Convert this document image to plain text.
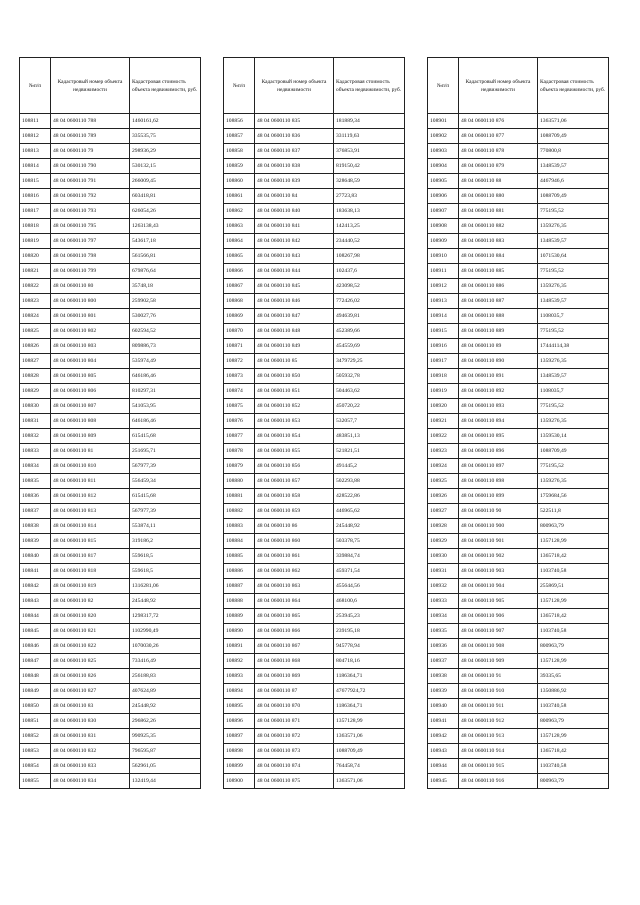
№п/п	Кадастровый номер объекта недвижимости	Кадастровая стоимость объекта недвижимости, руб.
108811	48 04 0600110 788	1460161,62
108812	48 04 0600110 789	335535,75
108813	48 04 0600110 79	298936,29
108814	48 04 0600110 790	530132,15
108815	48 04 0600110 791	266009,45
108816	48 04 0600110 792	603418,81
108817	48 04 0600110 793	626054,26
108818	48 04 0600110 795	1263138,43
108819	48 04 0600110 797	543617,18
108820	48 04 0600110 798	561566,81
108821	48 04 0600110 799	679876,64
108822	48 04 0600110 80	35748,18
108823	48 04 0600110 800	259902,58
108824	48 04 0600110 801	530027,76
108825	48 04 0600110 802	602594,52
108826	48 04 0600110 803	809886,73
108827	48 04 0600110 804	535974,49
108828	48 04 0600110 805	646186,46
108829	48 04 0600110 806	810297,31
108830	48 04 0600110 807	541053,95
108831	48 04 0600110 808	646186,46
108832	48 04 0600110 809	615415,68
108833	48 04 0600110 81	251695,71
108834	48 04 0600110 810	567977,39
108835	48 04 0600110 811	556459,34
108836	48 04 0600110 812	615415,68
108837	48 04 0600110 813	567977,39
108838	48 04 0600110 814	553874,11
108839	48 04 0600110 815	319186,2
108840	48 04 0600110 817	559618,5
108841	48 04 0600110 818	559618,5
108842	48 04 0600110 819	1316281,06
108843	48 04 0600110 82	245448,92
108844	48 04 0600110 820	1298317,72
108845	48 04 0600110 821	1102990,49
108846	48 04 0600110 822	1070030,26
108847	48 04 0600110 825	733416,49
108848	48 04 0600110 826	256188,83
108849	48 04 0600110 827	407624,89
108850	48 04 0600110 83	245448,92
108851	48 04 0600110 830	296862,26
108852	48 04 0600110 831	990925,35
108853	48 04 0600110 832	796595,87
108854	48 04 0600110 833	562961,05
108855	48 04 0600110 834	132419,44
№п/п	Кадастровый номер объекта недвижимости	Кадастровая стоимость объекта недвижимости, руб.
108856	48 04 0600110 835	181889,34
108857	48 04 0600110 836	331119,63
108858	48 04 0600110 837	376853,91
108859	48 04 0600110 838	819150,42
108860	48 04 0600110 839	328648,59
108861	48 04 0600110 84	27723,83
108862	48 04 0600110 840	183638,13
108863	48 04 0600110 841	142413,25
108864	48 04 0600110 842	234440,52
108865	48 04 0600110 843	108267,98
108866	48 04 0600110 844	102437,6
108867	48 04 0600110 845	423098,52
108868	48 04 0600110 846	772426,02
108869	48 04 0600110 847	494639,81
108870	48 04 0600110 848	452389,66
108871	48 04 0600110 849	454559,69
108872	48 04 0600110 85	3479729,25
108873	48 04 0600110 850	505932,78
108874	48 04 0600110 851	504463,62
108875	48 04 0600110 852	450720,22
108876	48 04 0600110 853	532057,7
108877	48 04 0600110 854	483851,13
108878	48 04 0600110 855	521821,51
108879	48 04 0600110 856	491445,2
108880	48 04 0600110 857	502293,88
108881	48 04 0600110 858	428522,86
108882	48 04 0600110 859	446965,62
108883	48 04 0600110 86	245448,92
108884	48 04 0600110 860	503378,75
108885	48 04 0600110 861	339884,74
108886	48 04 0600110 862	459371,54
108887	48 04 0600110 863	455644,56
108888	48 04 0600110 864	468100,6
108889	48 04 0600110 865	253945,23
108890	48 04 0600110 866	239195,18
108891	48 04 0600110 867	945778,94
108892	48 04 0600110 868	804718,16
108893	48 04 0600110 869	1186364,71
108894	48 04 0600110 87	47677924,72
108895	48 04 0600110 870	1186364,71
108896	48 04 0600110 871	1357128,99
108897	48 04 0600110 872	1363571,06
108898	48 04 0600110 873	1088709,49
108899	48 04 0600110 874	764458,74
108900	48 04 0600110 875	1363571,06
№п/п	Кадастровый номер объекта недвижимости	Кадастровая стоимость объекта недвижимости, руб.
108901	48 04 0600110 876	1363571,06
108902	48 04 0600110 877	1088709,49
108903	48 04 0600110 878	770800,8
108904	48 04 0600110 879	1348539,57
108905	48 04 0600110 88	4467946,6
108906	48 04 0600110 880	1088709,49
108907	48 04 0600110 881	775195,52
108908	48 04 0600110 882	1359276,35
108909	48 04 0600110 883	1348539,57
108910	48 04 0600110 884	1071530,64
108911	48 04 0600110 885	775195,52
108912	48 04 0600110 886	1359276,35
108913	48 04 0600110 887	1348539,57
108914	48 04 0600110 888	1108035,7
108915	48 04 0600110 889	775195,52
108916	48 04 0600110 89	17444114,38
108917	48 04 0600110 890	1359276,35
108918	48 04 0600110 891	1348539,57
108919	48 04 0600110 892	1108035,7
108920	48 04 0600110 893	775195,52
108921	48 04 0600110 894	1359276,35
108922	48 04 0600110 895	1359530,14
108923	48 04 0600110 896	1088709,49
108924	48 04 0600110 897	775195,52
108925	48 04 0600110 898	1359276,35
108926	48 04 0600110 899	1759684,56
108927	48 04 0600110 90	522511,8
108928	48 04 0600110 900	800963,79
108929	48 04 0600110 901	1357128,99
108930	48 04 0600110 902	1365718,42
108931	48 04 0600110 903	1103740,58
108932	48 04 0600110 904	255869,51
108933	48 04 0600110 905	1357128,99
108934	48 04 0600110 906	1365718,42
108935	48 04 0600110 907	1103740,58
108936	48 04 0600110 908	800963,79
108937	48 04 0600110 909	1357128,99
108938	48 04 0600110 91	39335,65
108939	48 04 0600110 910	1350886,92
108940	48 04 0600110 911	1103740,58
108941	48 04 0600110 912	800963,79
108942	48 04 0600110 913	1357128,99
108943	48 04 0600110 914	1365718,42
108944	48 04 0600110 915	1103740,58
108945	48 04 0600110 916	800963,79
